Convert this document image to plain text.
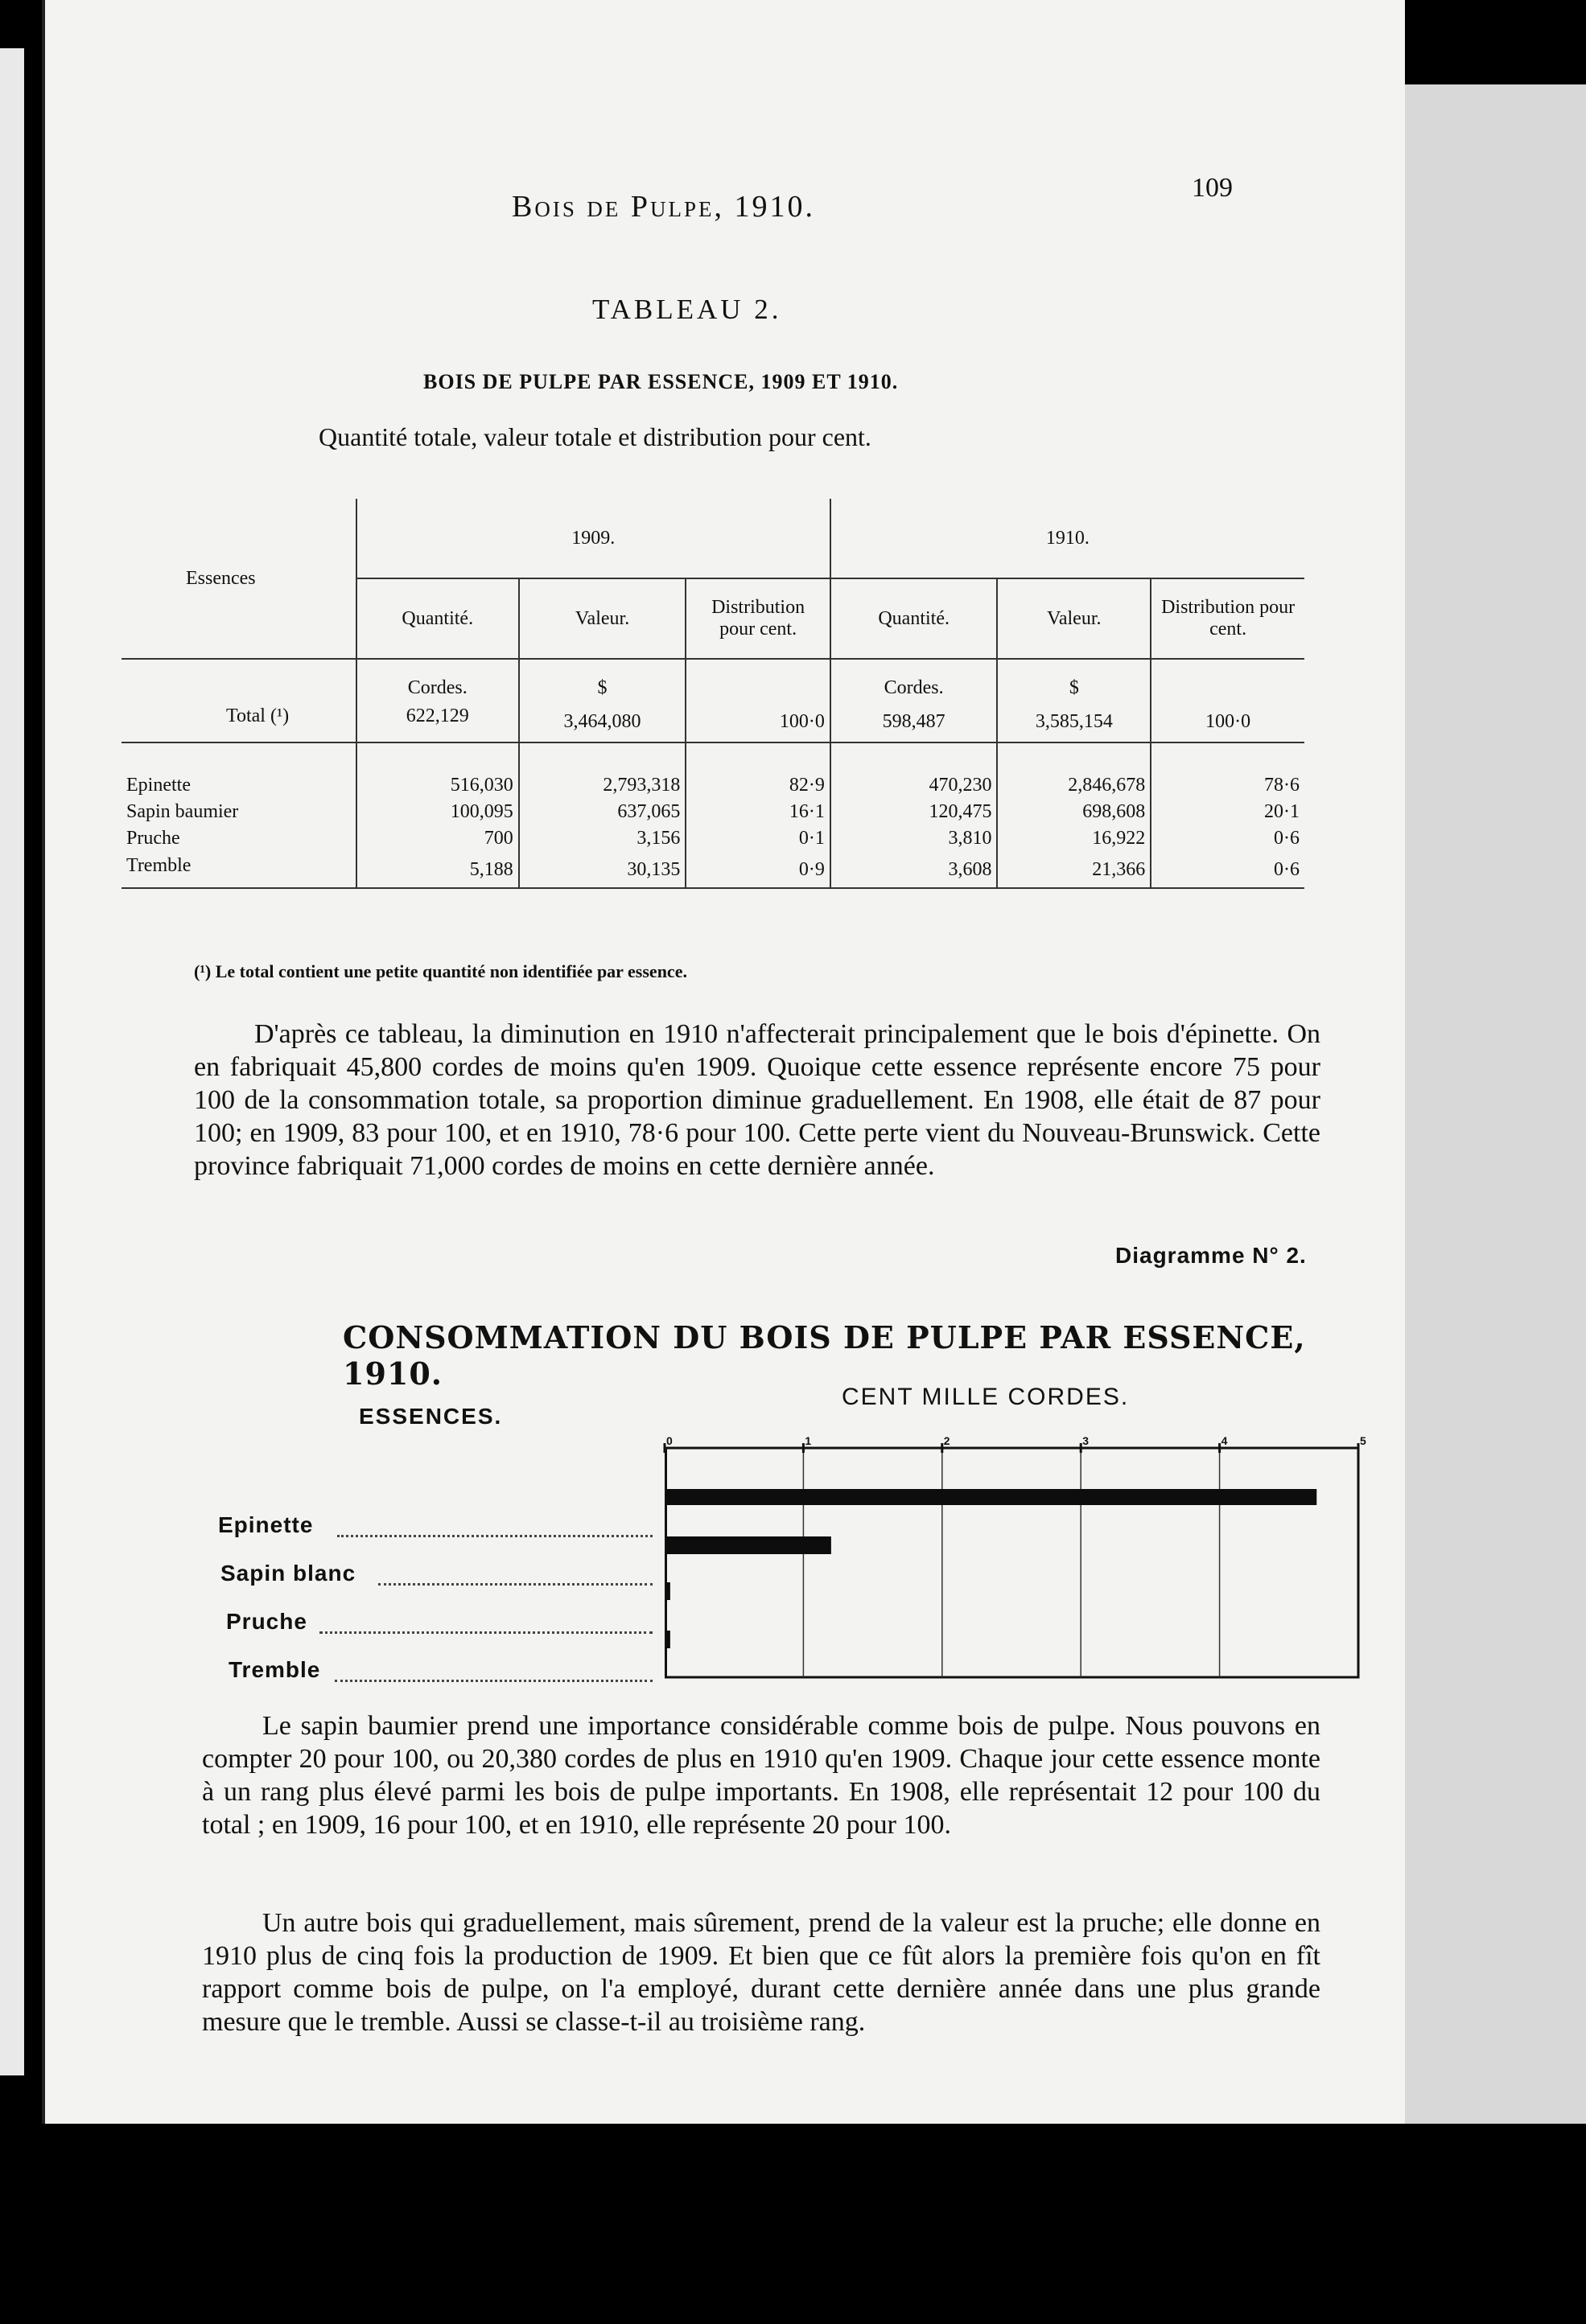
Bois de Pulpe, 1910.
109
TABLEAU 2.
BOIS DE PULPE PAR ESSENCE, 1909 ET 1910.
Quantité totale, valeur totale et distribution pour cent.
Essences	1909.			1910.		
	Quantité.	Valeur.	Distribution pour cent.	Quantité.	Valeur.	Distribution pour cent.
	Cordes.	$		Cordes.	$	
Total (¹)	622,129	3,464,080	100·0	598,487	3,585,154	100·0
Epinette	516,030	2,793,318	82·9	470,230	2,846,678	78·6
Sapin baumier	100,095	637,065	16·1	120,475	698,608	20·1
Pruche	700	3,156	0·1	3,810	16,922	0·6
Tremble	5,188	30,135	0·9	3,608	21,366	0·6
(¹) Le total contient une petite quantité non identifiée par essence.
D'après ce tableau, la diminution en 1910 n'affecterait principalement que le bois d'épinette. On en fabriquait 45,800 cordes de moins qu'en 1909. Quoique cette essence représente encore 75 pour 100 de la consommation totale, sa proportion diminue graduellement. En 1908, elle était de 87 pour 100; en 1909, 83 pour 100, et en 1910, 78·6 pour 100. Cette perte vient du Nouveau-Brunswick. Cette province fabriquait 71,000 cordes de moins en cette dernière année.
Diagramme N° 2.
CONSOMMATION DU BOIS DE PULPE PAR ESSENCE, 1910.
ESSENCES.
CENT MILLE CORDES.
Epinette
Sapin blanc
Pruche
Tremble
0	1	2	3	4	5
Le sapin baumier prend une importance considérable comme bois de pulpe. Nous pouvons en compter 20 pour 100, ou 20,380 cordes de plus en 1910 qu'en 1909. Chaque jour cette essence monte à un rang plus élevé parmi les bois de pulpe importants. En 1908, elle représentait 12 pour 100 du total ; en 1909, 16 pour 100, et en 1910, elle représente 20 pour 100.
Un autre bois qui graduellement, mais sûrement, prend de la valeur est la pruche; elle donne en 1910 plus de cinq fois la production de 1909. Et bien que ce fût alors la première fois qu'on en fît rapport comme bois de pulpe, on l'a employé, durant cette dernière année dans une plus grande mesure que le tremble. Aussi se classe-t-il au troisième rang.
